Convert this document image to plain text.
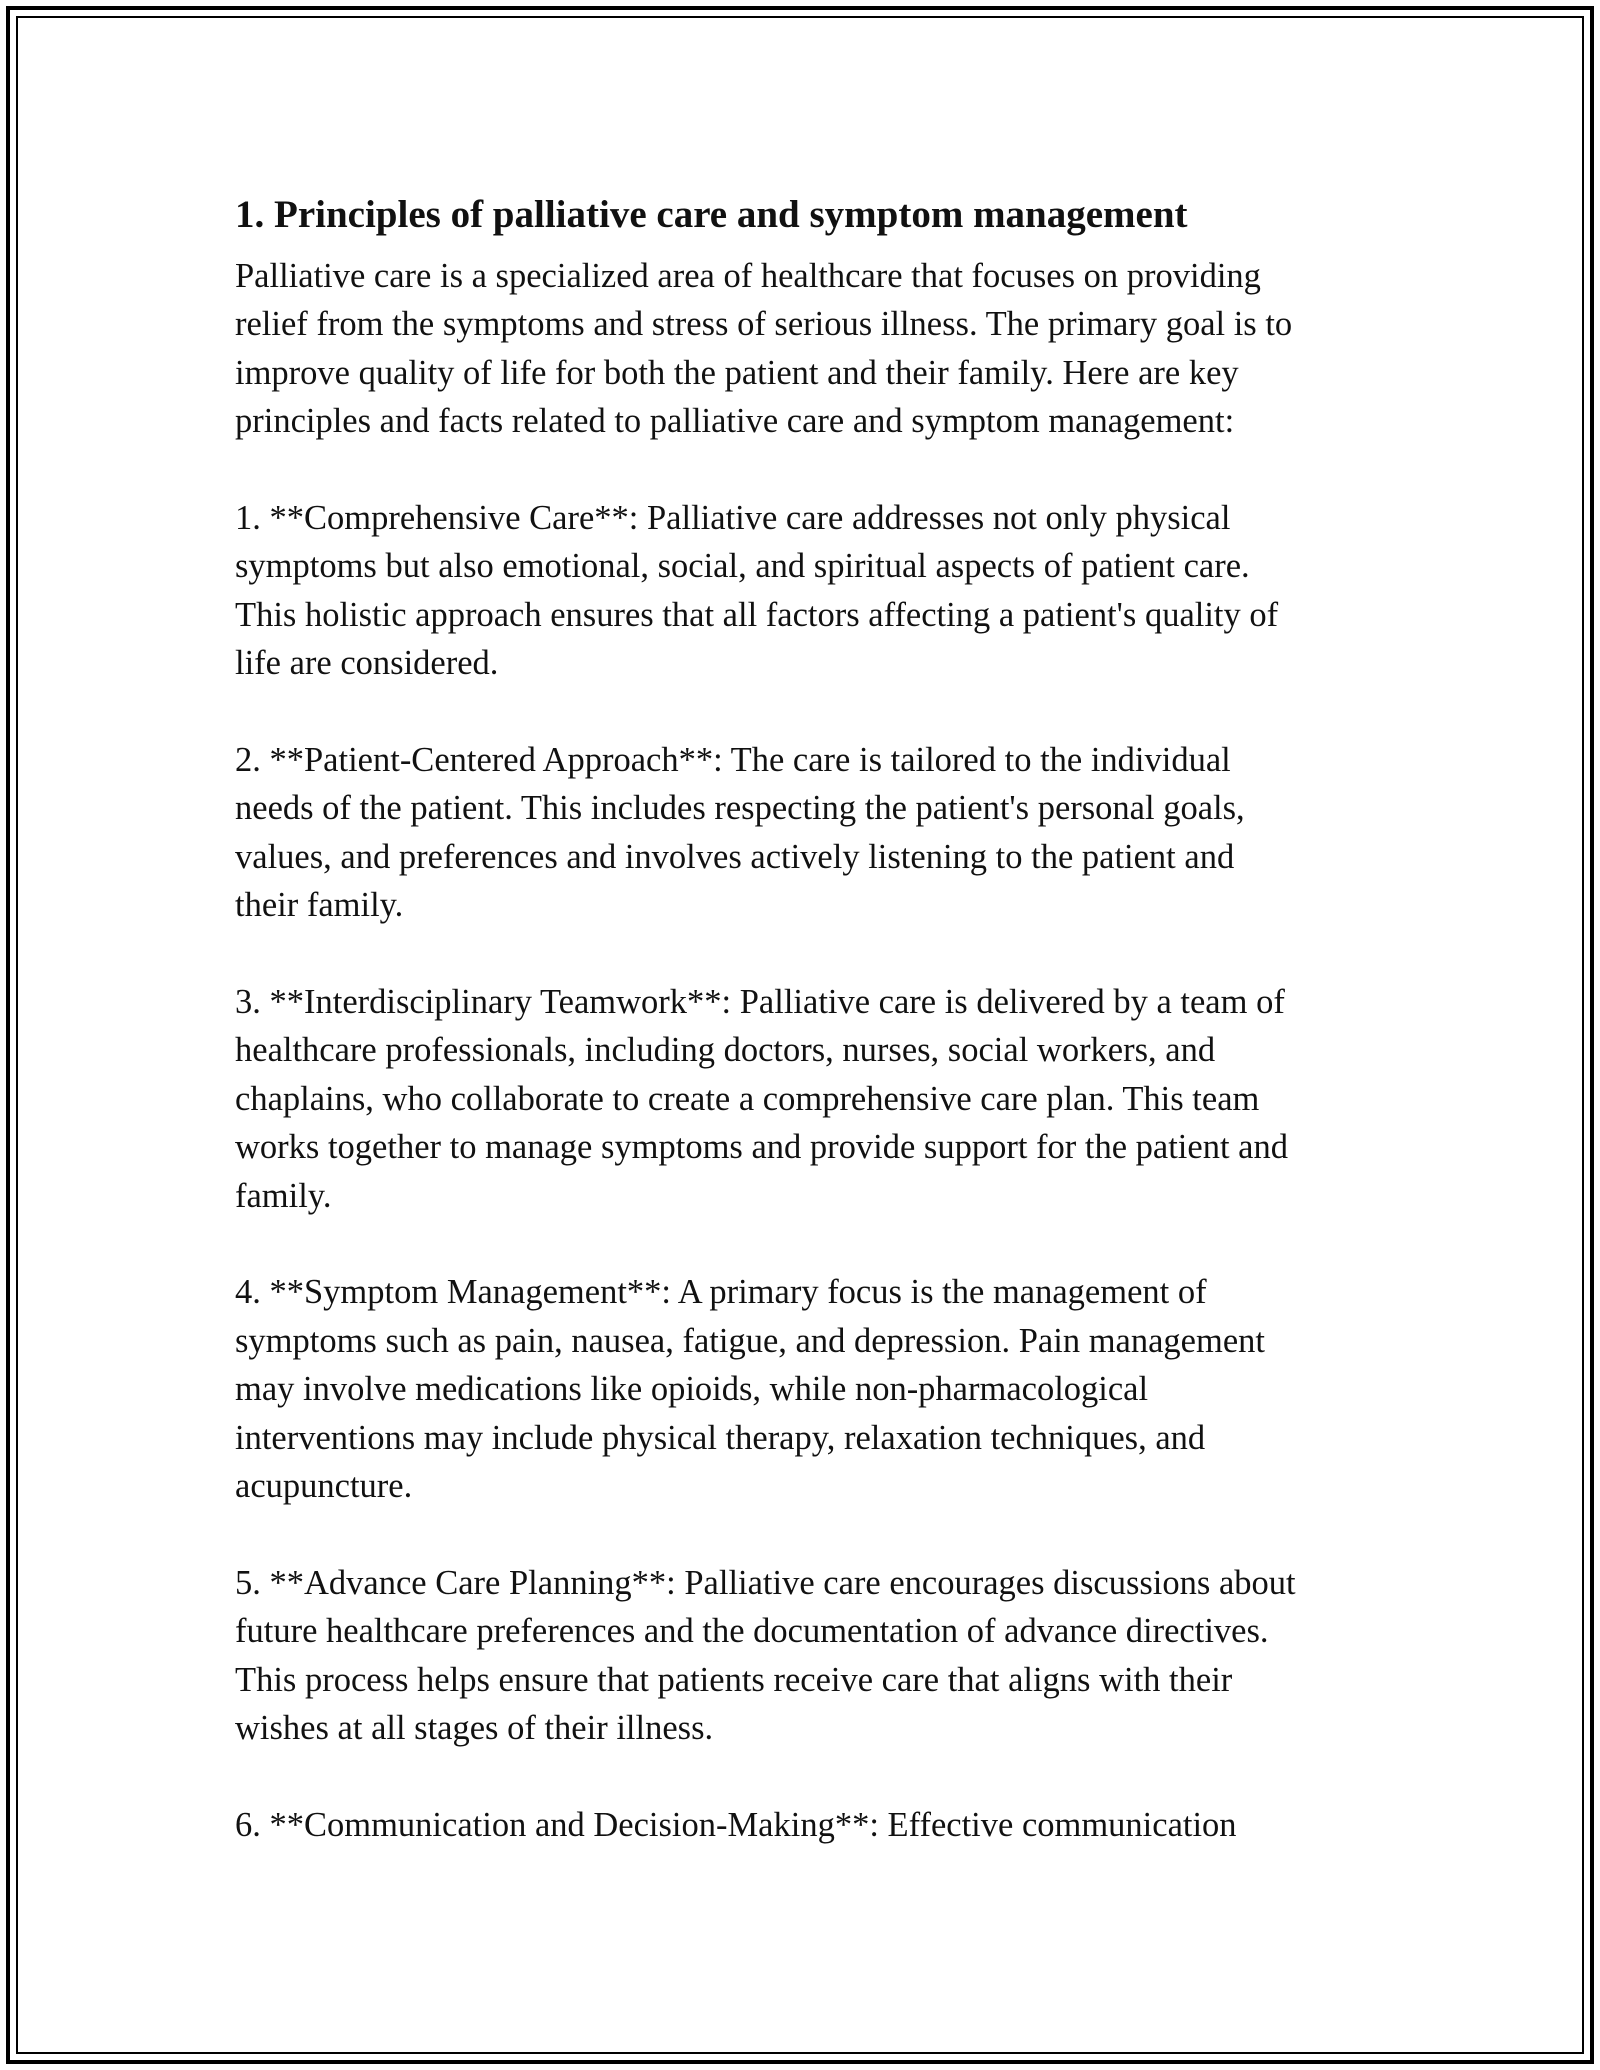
1. Principles of palliative care and symptom management

Palliative care is a specialized area of healthcare that focuses on providing
relief from the symptoms and stress of serious illness. The primary goal is to
improve quality of life for both the patient and their family. Here are key
principles and facts related to palliative care and symptom management:

1. **Comprehensive Care**: Palliative care addresses not only physical
symptoms but also emotional, social, and spiritual aspects of patient care.
This holistic approach ensures that all factors affecting a patient's quality of
life are considered.

2. **Patient-Centered Approach**: The care is tailored to the individual
needs of the patient. This includes respecting the patient's personal goals,
values, and preferences and involves actively listening to the patient and
their family.

3. **Interdisciplinary Teamwork**: Palliative care is delivered by a team of
healthcare professionals, including doctors, nurses, social workers, and
chaplains, who collaborate to create a comprehensive care plan. This team
works together to manage symptoms and provide support for the patient and
family.

4. **Symptom Management**: A primary focus is the management of
symptoms such as pain, nausea, fatigue, and depression. Pain management
may involve medications like opioids, while non-pharmacological
interventions may include physical therapy, relaxation techniques, and
acupuncture.

5. **Advance Care Planning**: Palliative care encourages discussions about
future healthcare preferences and the documentation of advance directives.
This process helps ensure that patients receive care that aligns with their
wishes at all stages of their illness.

6. **Communication and Decision-Making**: Effective communication
